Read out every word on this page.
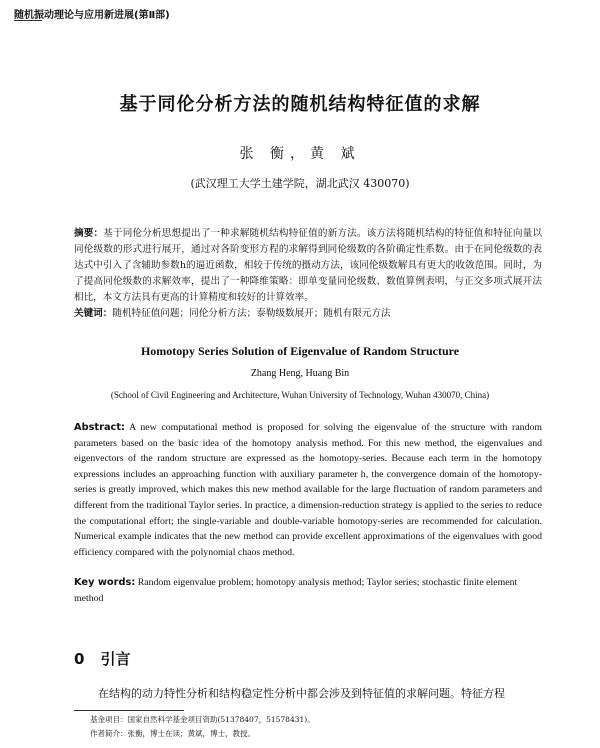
随机振动理论与应用新进展(第Ⅱ部)
基于同伦分析方法的随机结构特征值的求解
张 衡，黄 斌
(武汉理工大学土建学院，湖北武汉 430070)
摘要：基于同伦分析思想提出了一种求解随机结构特征值的新方法。该方法将随机结构的特征值和特征向量以同伦级数的形式进行展开，通过对各阶变形方程的求解得到同伦级数的各阶确定性系数。由于在同伦级数的表达式中引入了含辅助参数h的逼近函数，相较于传统的摄动方法，该同伦级数解具有更大的收敛范围。同时，为了提高同伦级数的求解效率，提出了一种降维策略：即单变量同伦级数、数值算例表明，与正交多项式展开法相比，本文方法具有更高的计算精度和较好的计算效率。
关键词：随机特征值问题；同伦分析方法；泰勒级数展开；随机有限元方法
Homotopy Series Solution of Eigenvalue of Random Structure
Zhang Heng, Huang Bin
(School of Civil Engineering and Architecture, Wuhan University of Technology, Wuhan 430070, China)
Abstract: A new computational method is proposed for solving the eigenvalue of the structure with random parameters based on the basic idea of the homotopy analysis method. For this new method, the eigenvalues and eigenvectors of the random structure are expressed as the homotopy-series. Because each term in the homotopy expressions includes an approaching function with auxiliary parameter h, the convergence domain of the homotopy-series is greatly improved, which makes this new method available for the large fluctuation of random parameters and different from the traditional Taylor series. In practice, a dimension-reduction strategy is applied to the series to reduce the computational effort; the single-variable and double-variable homotopy-series are recommended for calculation. Numerical example indicates that the new method can provide excellent approximations of the eigenvalues with good efficiency compared with the polynomial chaos method.
Key words: Random eigenvalue problem; homotopy analysis method; Taylor series; stochastic finite element method
0 引言
在结构的动力特性分析和结构稳定性分析中都会涉及到特征值的求解问题。特征方程
基金项目：国家自然科学基金项目资助(51378407，51578431)。
作者简介：张衡，博士在读；黄斌，博士，教授。
